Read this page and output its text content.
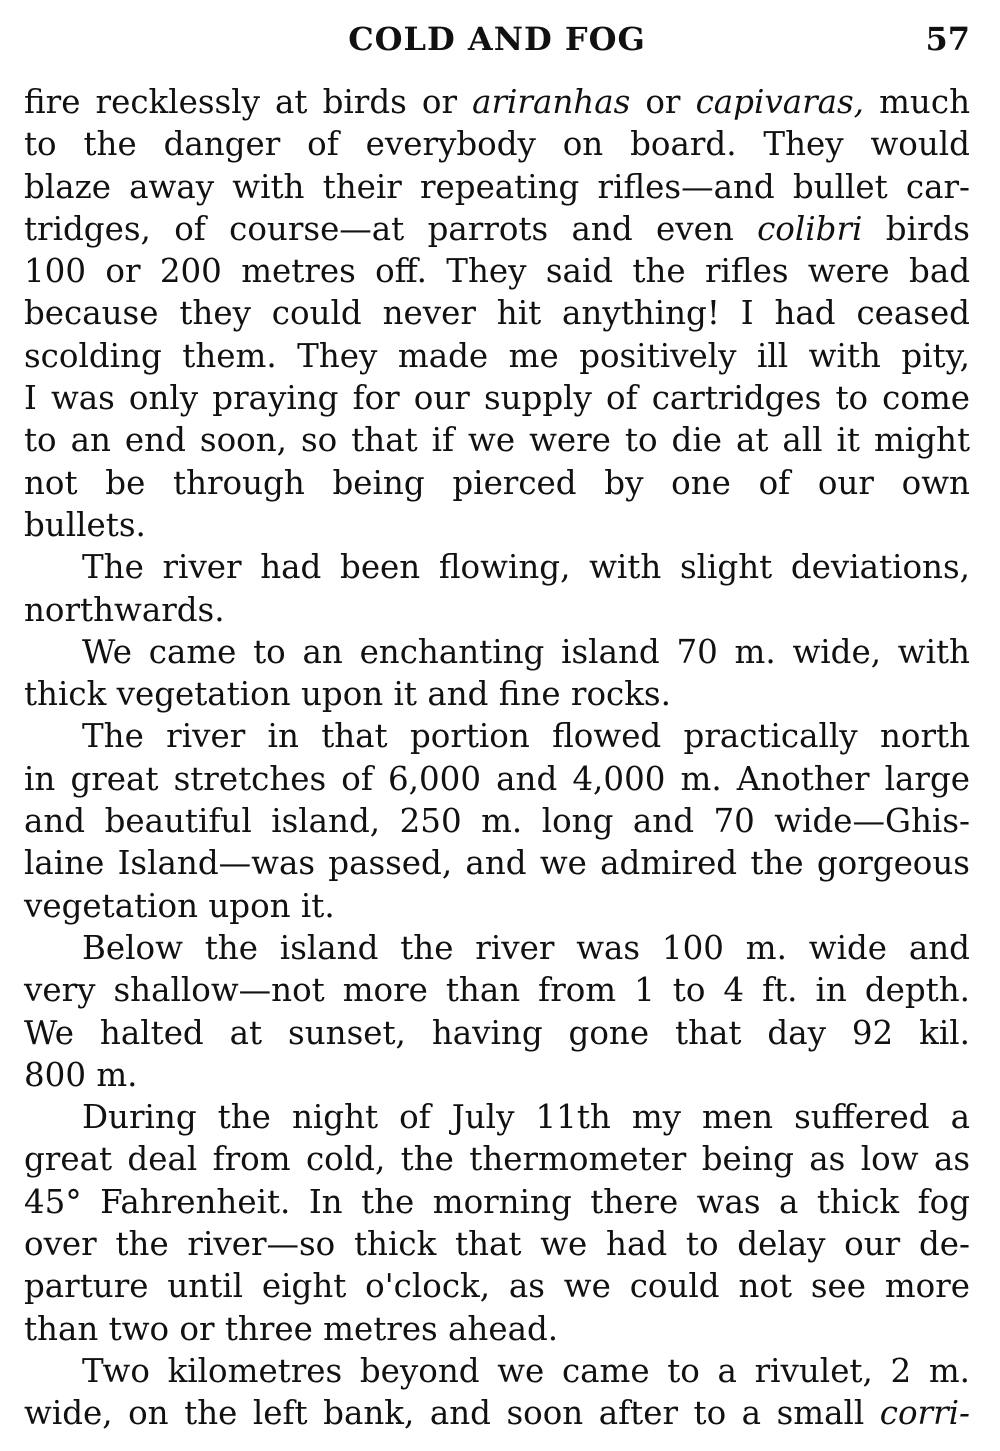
COLD AND FOG	57
fire recklessly at birds or ariranhas or capivaras, much
to the danger of everybody on board. They would
blaze away with their repeating rifles—and bullet car-
tridges, of course—at parrots and even colibri birds
100 or 200 metres off. They said the rifles were bad
because they could never hit anything! I had ceased
scolding them. They made me positively ill with pity,
I was only praying for our supply of cartridges to come
to an end soon, so that if we were to die at all it might
not be through being pierced by one of our own
bullets.
The river had been flowing, with slight deviations,
northwards.
We came to an enchanting island 70 m. wide, with
thick vegetation upon it and fine rocks.
The river in that portion flowed practically north
in great stretches of 6,000 and 4,000 m. Another large
and beautiful island, 250 m. long and 70 wide—Ghis-
laine Island—was passed, and we admired the gorgeous
vegetation upon it.
Below the island the river was 100 m. wide and
very shallow—not more than from 1 to 4 ft. in depth.
We halted at sunset, having gone that day 92 kil.
800 m.
During the night of July 11th my men suffered a
great deal from cold, the thermometer being as low as
45° Fahrenheit. In the morning there was a thick fog
over the river—so thick that we had to delay our de-
parture until eight o'clock, as we could not see more
than two or three metres ahead.
Two kilometres beyond we came to a rivulet, 2 m.
wide, on the left bank, and soon after to a small corri-
